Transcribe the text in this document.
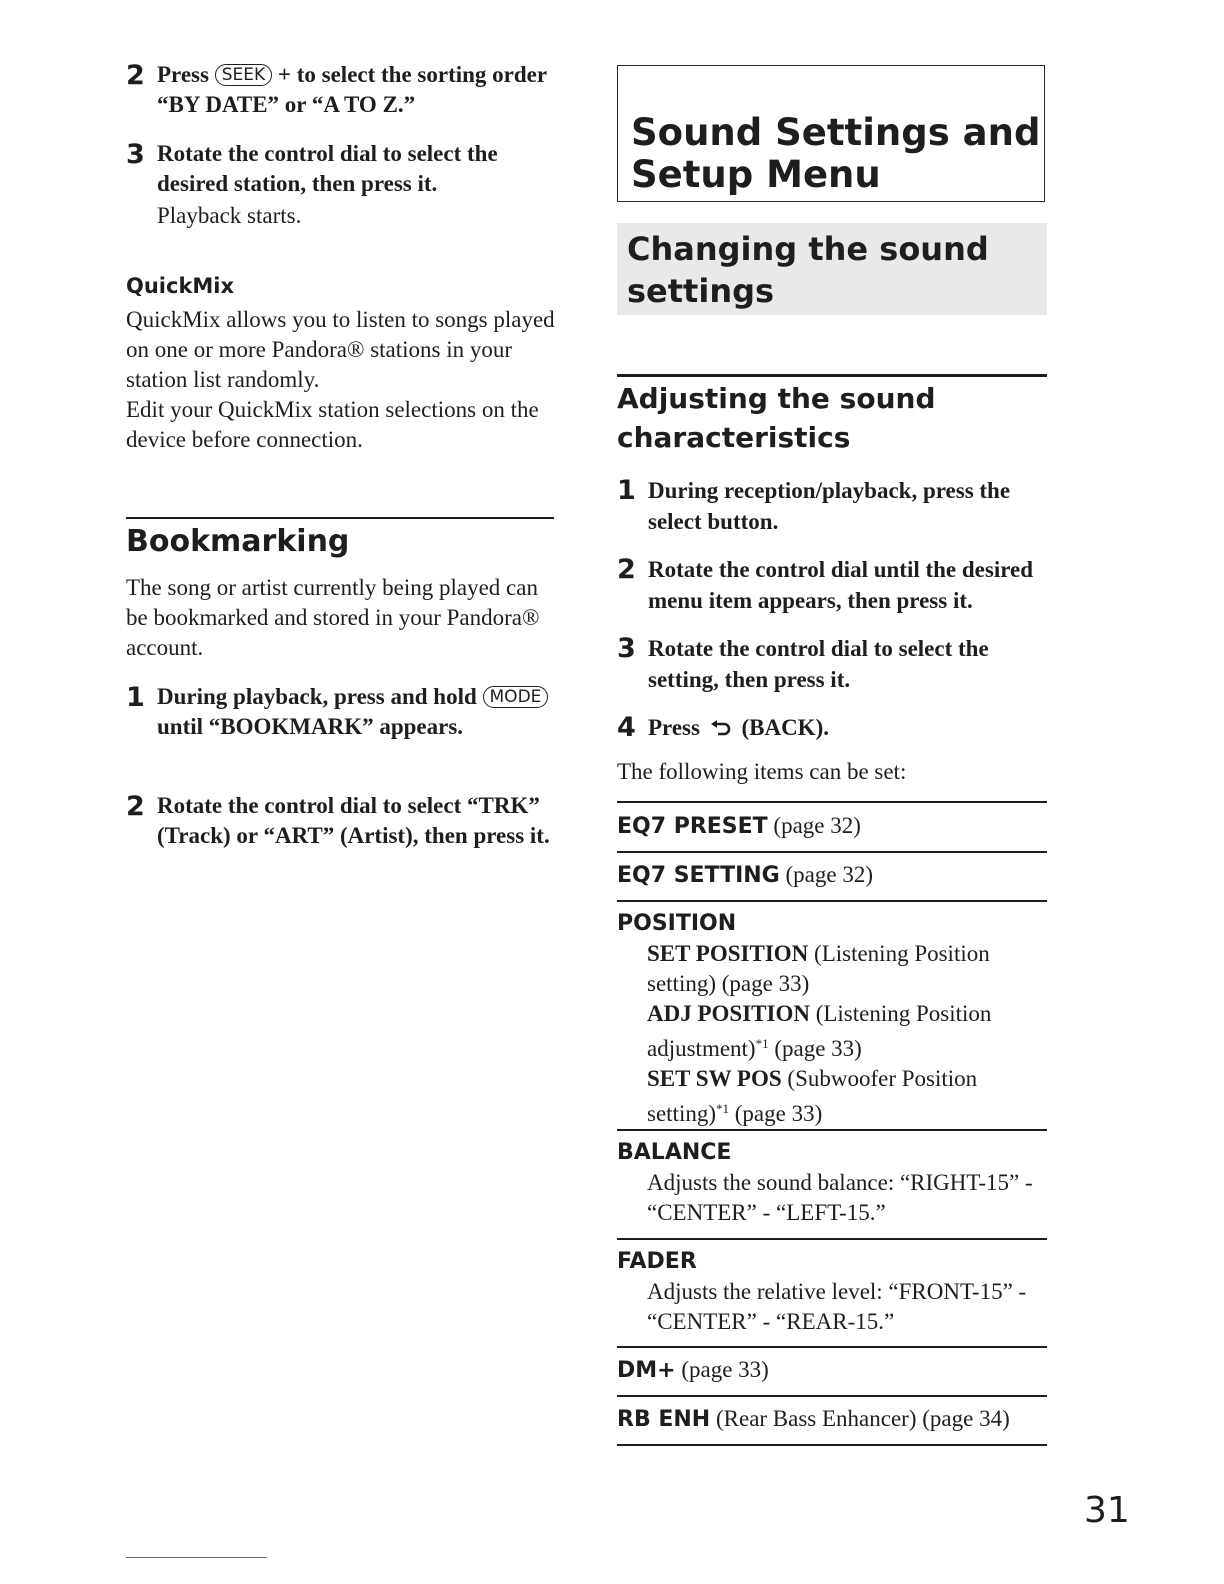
2 Press SEEK + to select the sorting order “BY DATE” or “A TO Z.”
3 Rotate the control dial to select the desired station, then press it.
Playback starts.
QuickMix
QuickMix allows you to listen to songs played on one or more Pandora® stations in your station list randomly.
Edit your QuickMix station selections on the device before connection.
Bookmarking
The song or artist currently being played can be bookmarked and stored in your Pandora® account.
1 During playback, press and hold MODE until “BOOKMARK” appears.
2 Rotate the control dial to select “TRK” (Track) or “ART” (Artist), then press it.
Sound Settings and Setup Menu
Changing the sound settings
Adjusting the sound characteristics
1 During reception/playback, press the select button.
2 Rotate the control dial until the desired menu item appears, then press it.
3 Rotate the control dial to select the setting, then press it.
4 Press (BACK).
The following items can be set:
EQ7 PRESET (page 32)
EQ7 SETTING (page 32)
POSITION
SET POSITION (Listening Position setting) (page 33)
ADJ POSITION (Listening Position adjustment)$^{*1}$ (page 33)
SET SW POS (Subwoofer Position setting)$^{*1}$ (page 33)
BALANCE
Adjusts the sound balance: “RIGHT-15” - “CENTER” - “LEFT-15.”
FADER
Adjusts the relative level: “FRONT-15” - “CENTER” - “REAR-15.”
DM+ (page 33)
RB ENH (Rear Bass Enhancer) (page 34)
31
